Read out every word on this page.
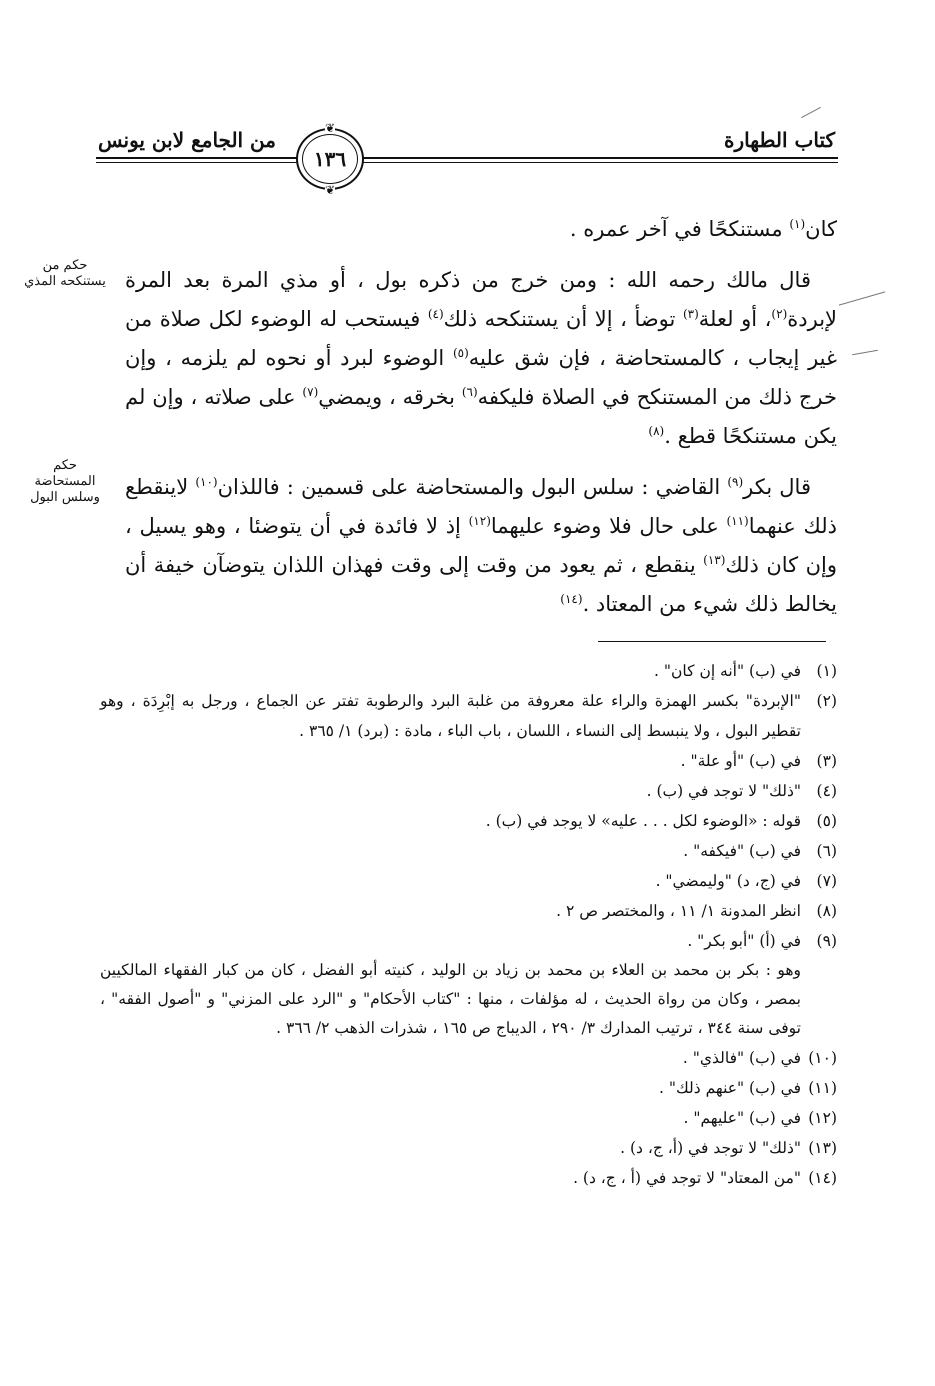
كتاب الطهارة
من الجامع لابن يونس	❦
١٣٦
❦
حكم من
يستنكحه المذي
حكم
المستحاضة
وسلس البول

كان$^{(١)}$ مستنكحًا في آخر عمره .

قال مالك رحمه الله : ومن خرج من ذكره بول ، أو مذي المرة بعد المرة لإبردة$^{(٢)}$، أو لعلة$^{(٣)}$ توضأ ، إلا أن يستنكحه ذلك$^{(٤)}$ فيستحب له الوضوء لكل صلاة من غير إيجاب ، كالمستحاضة ، فإن شق عليه$^{(٥)}$ الوضوء لبرد أو نحوه لم يلزمه ، وإن خرج ذلك من المستنكح في الصلاة فليكفه$^{(٦)}$ بخرقه ، ويمضي$^{(٧)}$ على صلاته ، وإن لم يكن مستنكحًا قطع .$^{(٨)}$

قال بكر$^{(٩)}$ القاضي : سلس البول والمستحاضة على قسمين : فاللذان$^{(١٠)}$ لاينقطع ذلك عنهما$^{(١١)}$ على حال فلا وضوء عليهما$^{(١٢)}$ إذ لا فائدة في أن يتوضئا ، وهو يسيل ، وإن كان ذلك$^{(١٣)}$ ينقطع ، ثم يعود من وقت إلى وقت فهذان اللذان يتوضآن خيفة أن يخالط ذلك شيء من المعتاد .$^{(١٤)}$

(١)
في (ب) "أنه إن كان" .
(٢)
"الإبردة" بكسر الهمزة والراء علة معروفة من غلبة البرد والرطوبة تفتر عن الجماع ، ورجل به إبْرِدَة ، وهو تقطير البول ، ولا ينبسط إلى النساء ، اللسان ، باب الباء ، مادة : (برد) ١/ ٣٦٥ .
(٣)
في (ب) "أو علة" .
(٤)
"ذلك" لا توجد في (ب) .
(٥)
قوله : «الوضوء لكل . . . عليه» لا يوجد في (ب) .
(٦)
في (ب) "فيكفه" .
(٧)
في (ج، د) "وليمضي" .
(٨)
انظر المدونة ١/ ١١ ، والمختصر ص ٢ .
(٩)
في (أ) "أبو بكر" .
وهو : بكر بن محمد بن العلاء بن محمد بن زياد بن الوليد ، كنيته أبو الفضل ، كان من كبار الفقهاء المالكيين بمصر ، وكان من رواة الحديث ، له مؤلفات ، منها : "كتاب الأحكام" و "الرد على المزني" و "أصول الفقه" ، توفى سنة ٣٤٤ ، ترتيب المدارك ٣/ ٢٩٠ ، الديباج ص ١٦٥ ، شذرات الذهب ٢/ ٣٦٦ .
(١٠)
في (ب) "فالذي" .
(١١)
في (ب) "عنهم ذلك" .
(١٢)
في (ب) "عليهم" .
(١٣)
"ذلك" لا توجد في (أ، ج، د) .
(١٤)
"من المعتاد" لا توجد في (أ ، ج، د) .
